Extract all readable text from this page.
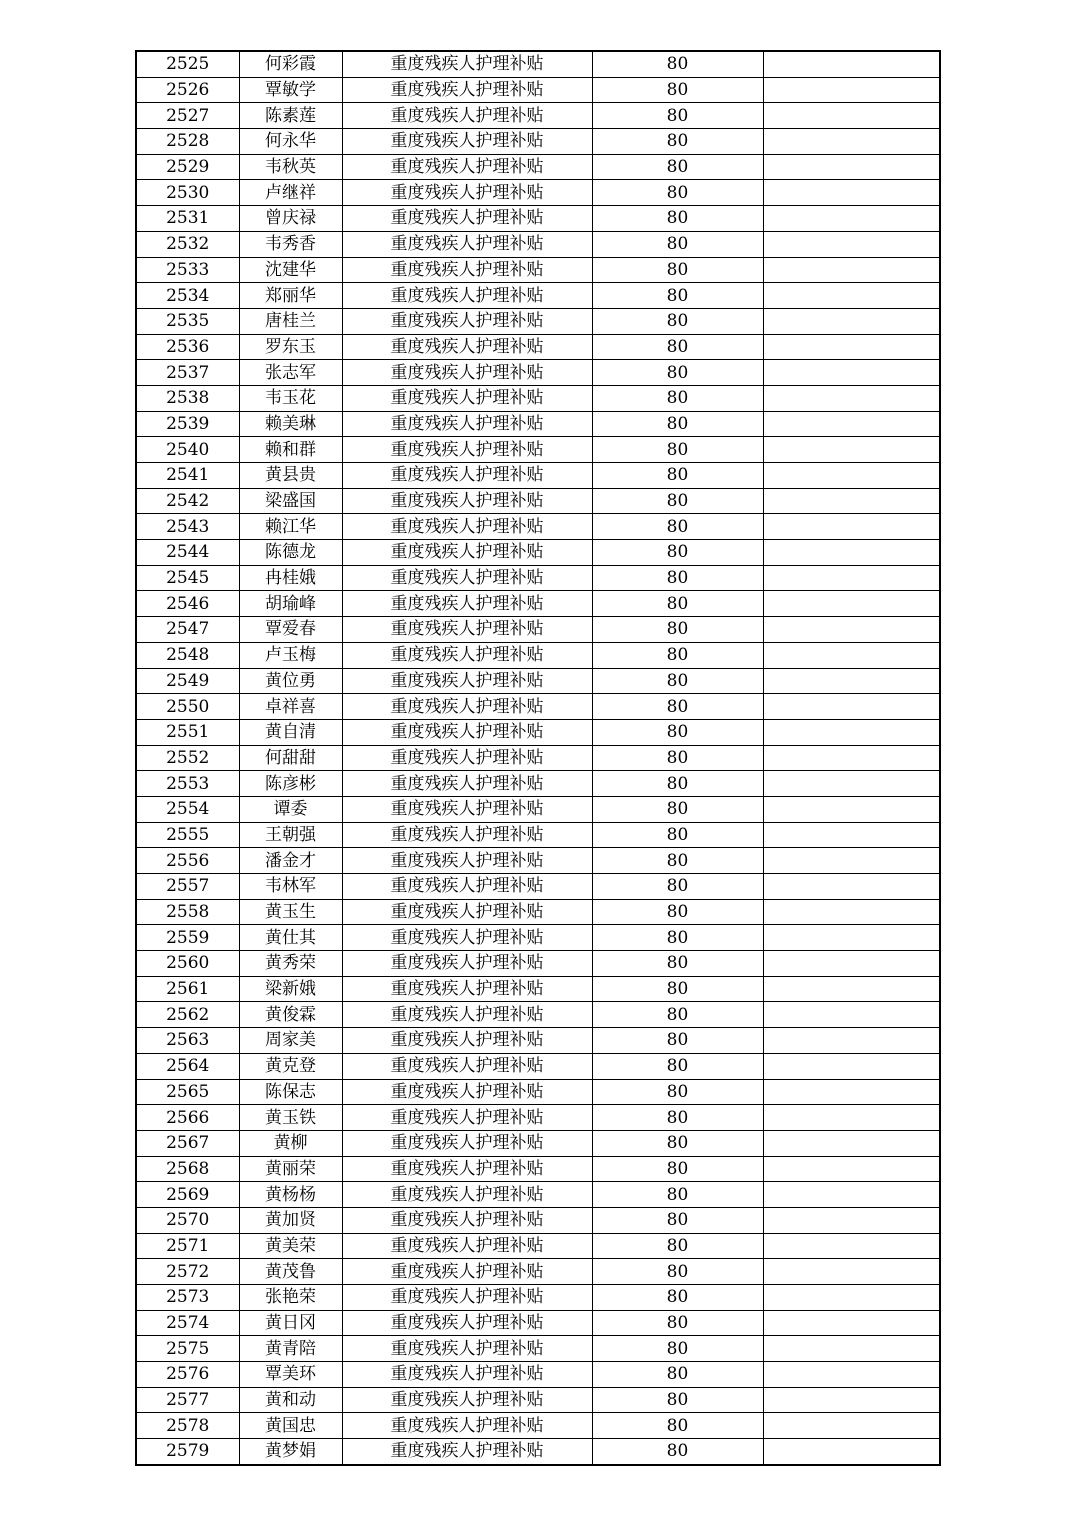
2525	何彩霞	重度残疾人护理补贴	80	
2526	覃敏学	重度残疾人护理补贴	80	
2527	陈素莲	重度残疾人护理补贴	80	
2528	何永华	重度残疾人护理补贴	80	
2529	韦秋英	重度残疾人护理补贴	80	
2530	卢继祥	重度残疾人护理补贴	80	
2531	曾庆禄	重度残疾人护理补贴	80	
2532	韦秀香	重度残疾人护理补贴	80	
2533	沈建华	重度残疾人护理补贴	80	
2534	郑丽华	重度残疾人护理补贴	80	
2535	唐桂兰	重度残疾人护理补贴	80	
2536	罗东玉	重度残疾人护理补贴	80	
2537	张志军	重度残疾人护理补贴	80	
2538	韦玉花	重度残疾人护理补贴	80	
2539	赖美琳	重度残疾人护理补贴	80	
2540	赖和群	重度残疾人护理补贴	80	
2541	黄县贵	重度残疾人护理补贴	80	
2542	梁盛国	重度残疾人护理补贴	80	
2543	赖江华	重度残疾人护理补贴	80	
2544	陈德龙	重度残疾人护理补贴	80	
2545	冉桂娥	重度残疾人护理补贴	80	
2546	胡瑜峰	重度残疾人护理补贴	80	
2547	覃爱春	重度残疾人护理补贴	80	
2548	卢玉梅	重度残疾人护理补贴	80	
2549	黄位勇	重度残疾人护理补贴	80	
2550	卓祥喜	重度残疾人护理补贴	80	
2551	黄自清	重度残疾人护理补贴	80	
2552	何甜甜	重度残疾人护理补贴	80	
2553	陈彦彬	重度残疾人护理补贴	80	
2554	谭委	重度残疾人护理补贴	80	
2555	王朝强	重度残疾人护理补贴	80	
2556	潘金才	重度残疾人护理补贴	80	
2557	韦林军	重度残疾人护理补贴	80	
2558	黄玉生	重度残疾人护理补贴	80	
2559	黄仕其	重度残疾人护理补贴	80	
2560	黄秀荣	重度残疾人护理补贴	80	
2561	梁新娥	重度残疾人护理补贴	80	
2562	黄俊霖	重度残疾人护理补贴	80	
2563	周家美	重度残疾人护理补贴	80	
2564	黄克登	重度残疾人护理补贴	80	
2565	陈保志	重度残疾人护理补贴	80	
2566	黄玉铁	重度残疾人护理补贴	80	
2567	黄柳	重度残疾人护理补贴	80	
2568	黄丽荣	重度残疾人护理补贴	80	
2569	黄杨杨	重度残疾人护理补贴	80	
2570	黄加贤	重度残疾人护理补贴	80	
2571	黄美荣	重度残疾人护理补贴	80	
2572	黄茂鲁	重度残疾人护理补贴	80	
2573	张艳荣	重度残疾人护理补贴	80	
2574	黄日冈	重度残疾人护理补贴	80	
2575	黄青陪	重度残疾人护理补贴	80	
2576	覃美环	重度残疾人护理补贴	80	
2577	黄和动	重度残疾人护理补贴	80	
2578	黄国忠	重度残疾人护理补贴	80	
2579	黄梦娟	重度残疾人护理补贴	80	
